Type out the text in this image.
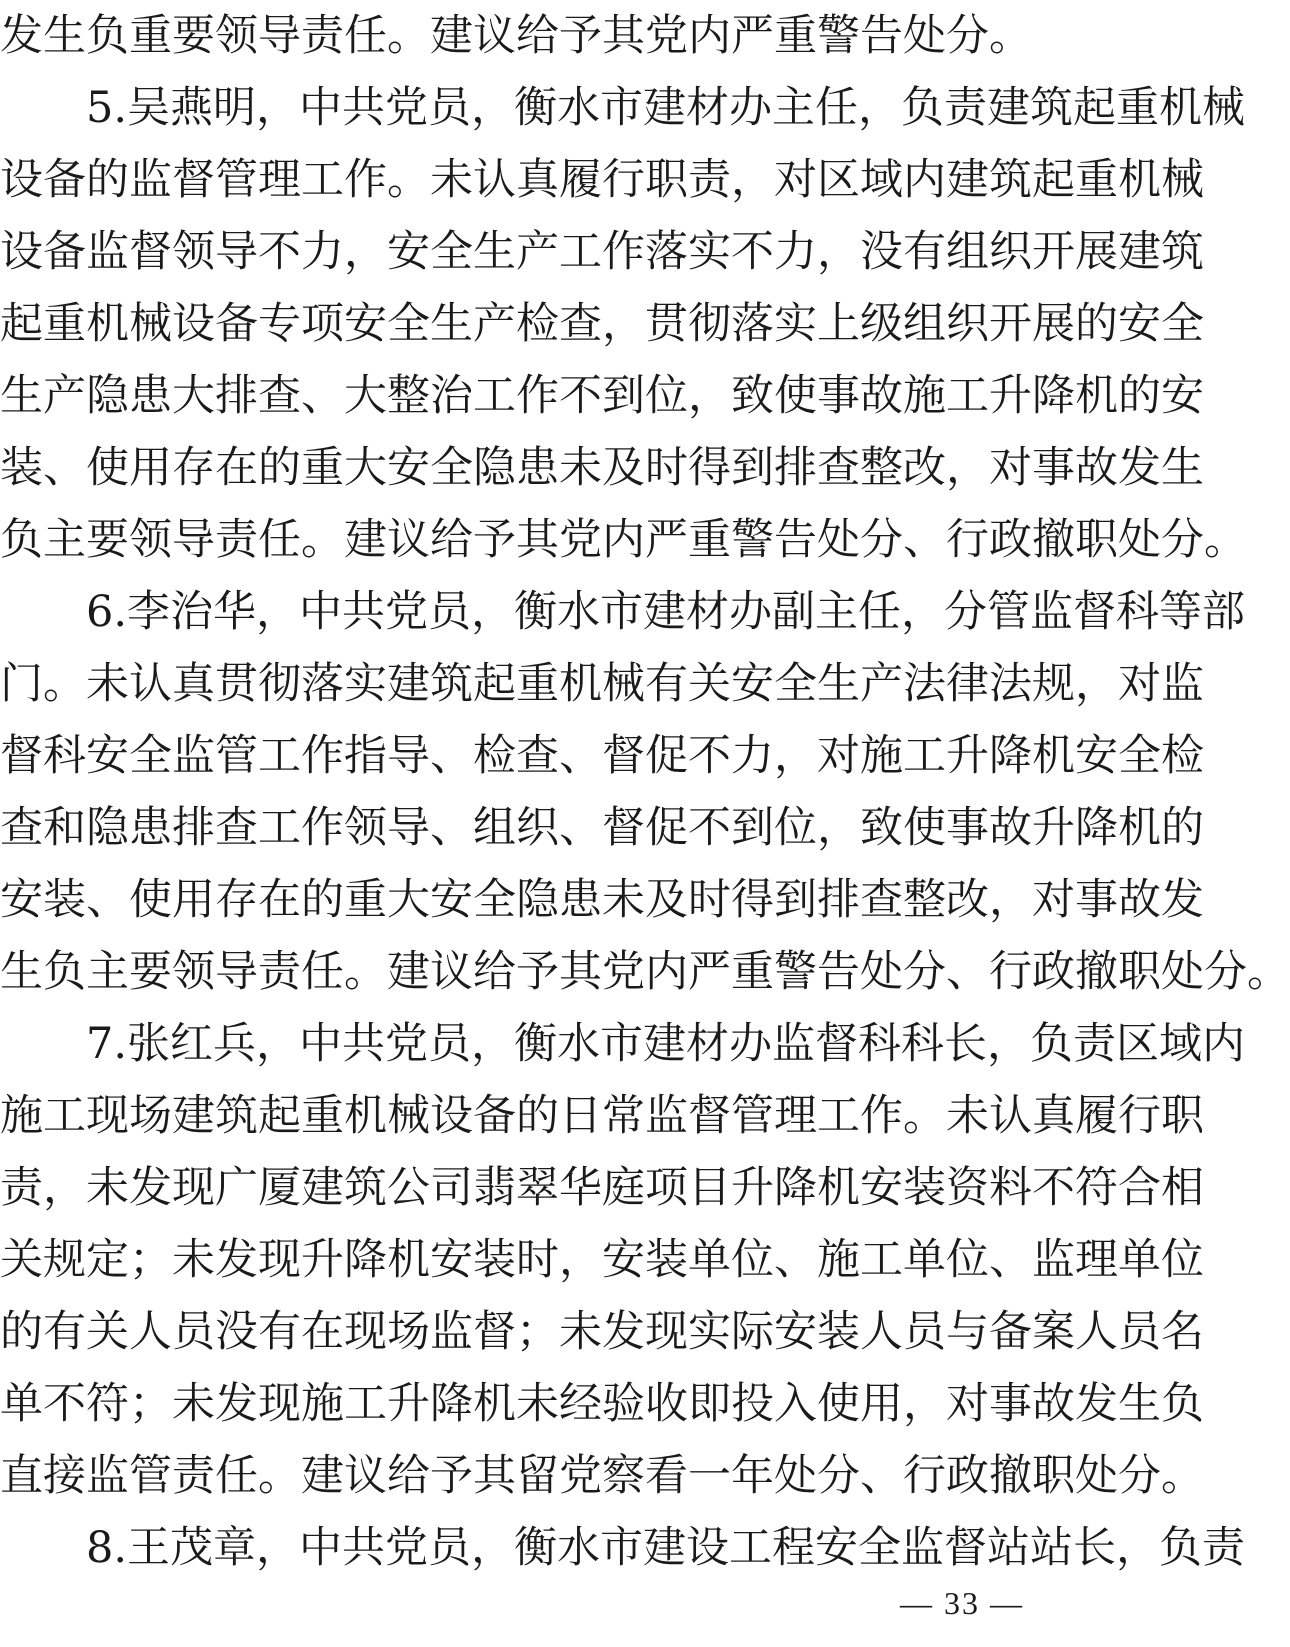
发生负重要领导责任。建议给予其党内严重警告处分。
5.吴燕明，中共党员，衡水市建材办主任，负责建筑起重机械
设备的监督管理工作。未认真履行职责，对区域内建筑起重机械
设备监督领导不力，安全生产工作落实不力，没有组织开展建筑
起重机械设备专项安全生产检查，贯彻落实上级组织开展的安全
生产隐患大排查、大整治工作不到位，致使事故施工升降机的安
装、使用存在的重大安全隐患未及时得到排查整改，对事故发生
负主要领导责任。建议给予其党内严重警告处分、行政撤职处分。
6.李治华，中共党员，衡水市建材办副主任，分管监督科等部
门。未认真贯彻落实建筑起重机械有关安全生产法律法规，对监
督科安全监管工作指导、检查、督促不力，对施工升降机安全检
查和隐患排查工作领导、组织、督促不到位，致使事故升降机的
安装、使用存在的重大安全隐患未及时得到排查整改，对事故发
生负主要领导责任。建议给予其党内严重警告处分、行政撤职处分。
7.张红兵，中共党员，衡水市建材办监督科科长，负责区域内
施工现场建筑起重机械设备的日常监督管理工作。未认真履行职
责，未发现广厦建筑公司翡翠华庭项目升降机安装资料不符合相
关规定；未发现升降机安装时，安装单位、施工单位、监理单位
的有关人员没有在现场监督；未发现实际安装人员与备案人员名
单不符；未发现施工升降机未经验收即投入使用，对事故发生负
直接监管责任。建议给予其留党察看一年处分、行政撤职处分。
8.王茂章，中共党员，衡水市建设工程安全监督站站长，负责
— 33 —
